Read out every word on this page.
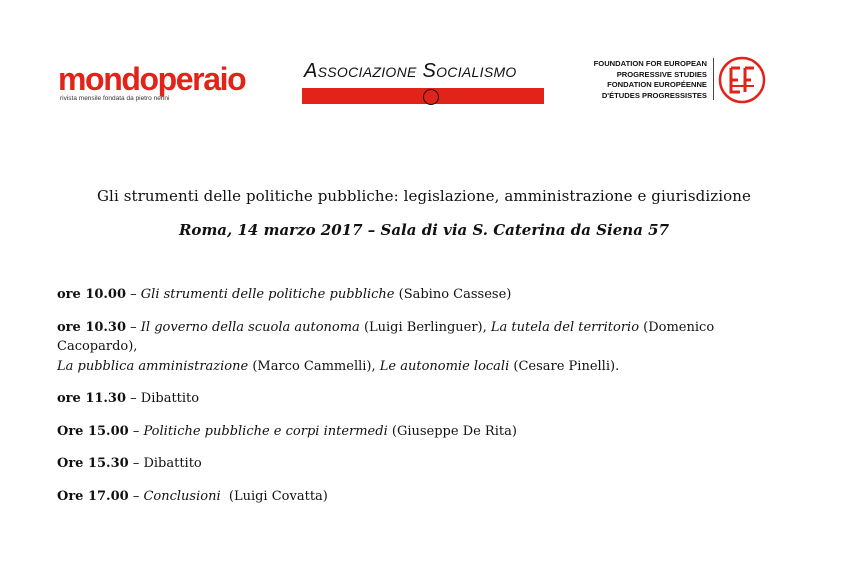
mondoperaio
rivista mensile fondata da pietro nenni
Associazione Socialismo	FOUNDATION FOR EUROPEAN
PROGRESSIVE STUDIES
FONDATION EUROPÉENNE
D'ÉTUDES PROGRESSISTES
Gli strumenti delle politiche pubbliche: legislazione, amministrazione e giurisdizione
Roma, 14 marzo 2017 – Sala di via S. Caterina da Siena 57

ore 10.00 – Gli strumenti delle politiche pubbliche (Sabino Cassese)

ore 10.30 – Il governo della scuola autonoma (Luigi Berlinguer), La tutela del territorio (Domenico Cacopardo),
La pubblica amministrazione (Marco Cammelli), Le autonomie locali (Cesare Pinelli).

ore 11.30 – Dibattito

Ore 15.00 – Politiche pubbliche e corpi intermedi (Giuseppe De Rita)

Ore 15.30 – Dibattito

Ore 17.00 – Conclusioni  (Luigi Covatta)
